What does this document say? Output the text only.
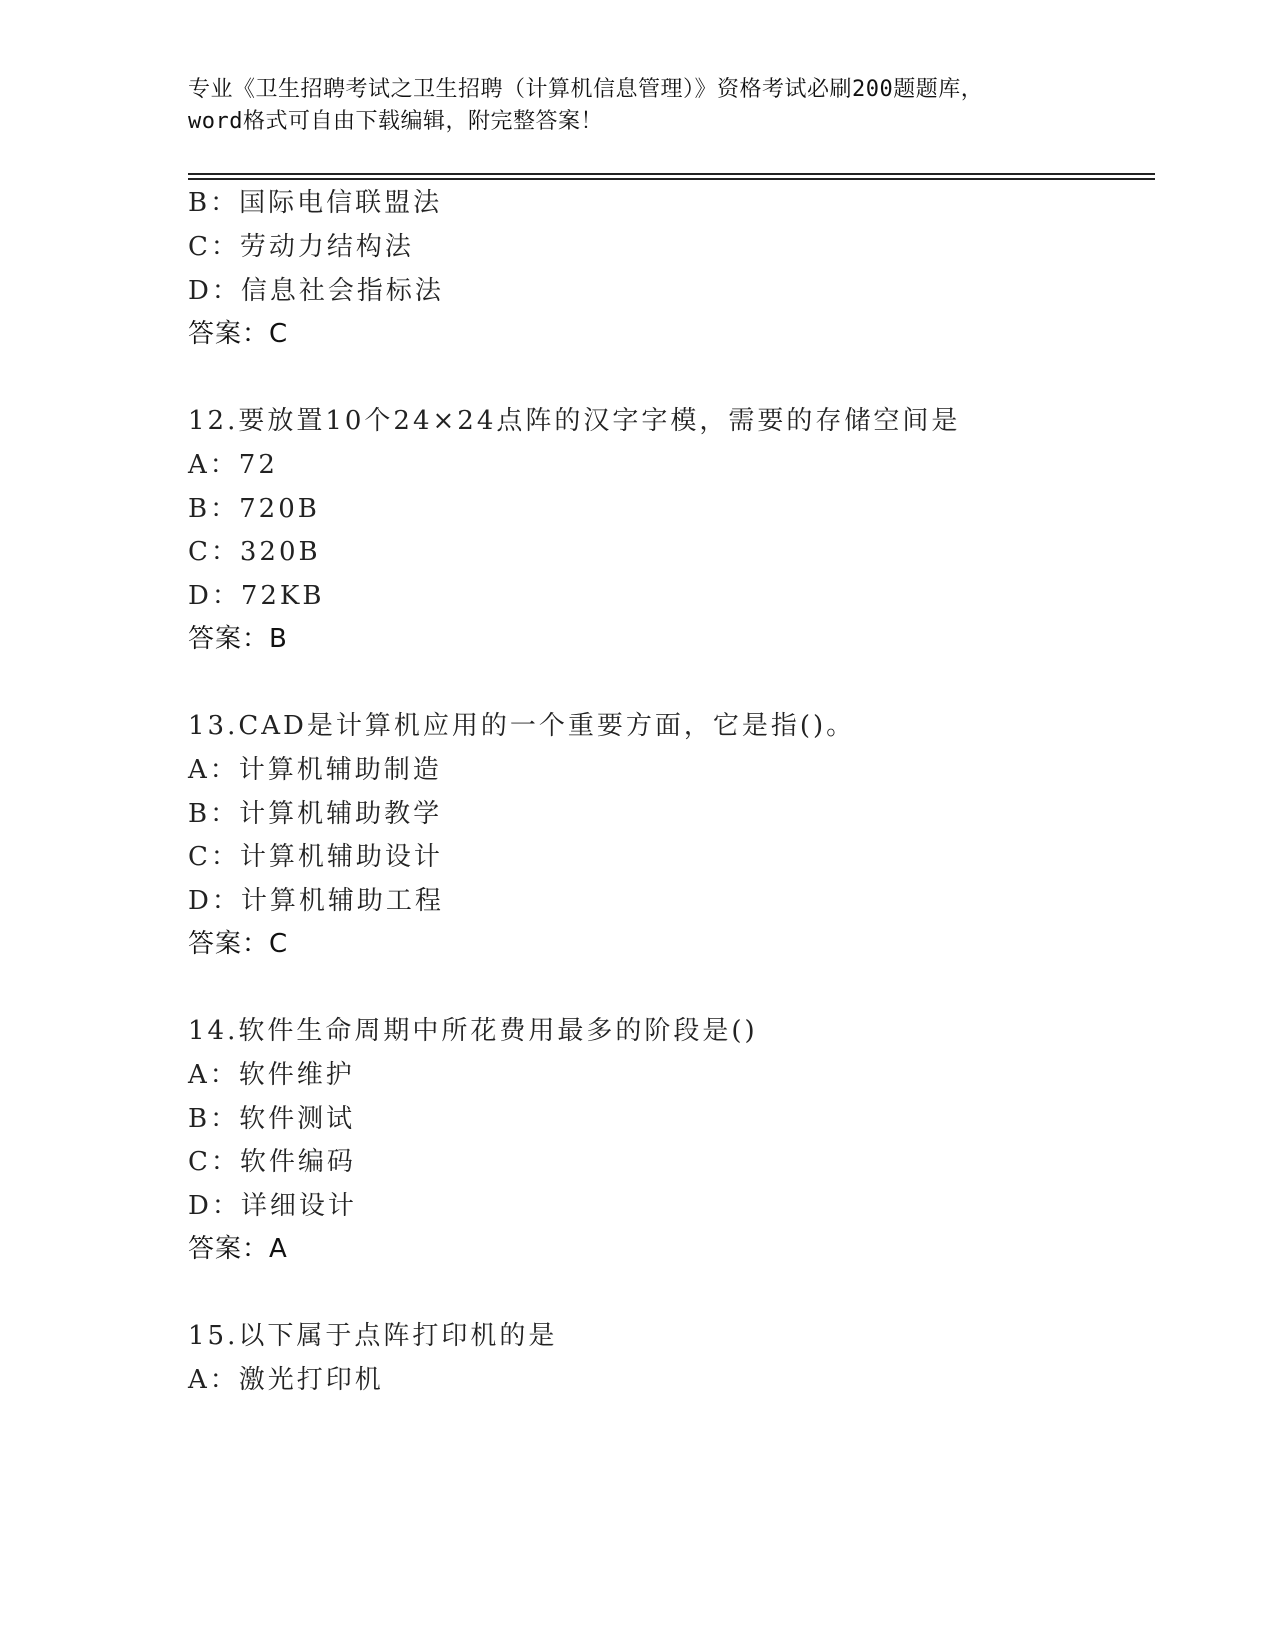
专业《卫生招聘考试之卫生招聘（计算机信息管理）》资格考试必刷200题题库，
word格式可自由下载编辑，附完整答案！
B：国际电信联盟法
C：劳动力结构法
D：信息社会指标法
答案：C
12.要放置10个24×24点阵的汉字字模，需要的存储空间是
A：72
B：720B
C：320B
D：72KB
答案：B
13.CAD是计算机应用的一个重要方面，它是指()。
A：计算机辅助制造
B：计算机辅助教学
C：计算机辅助设计
D：计算机辅助工程
答案：C
14.软件生命周期中所花费用最多的阶段是()
A：软件维护
B：软件测试
C：软件编码
D：详细设计
答案：A
15.以下属于点阵打印机的是
A：激光打印机
